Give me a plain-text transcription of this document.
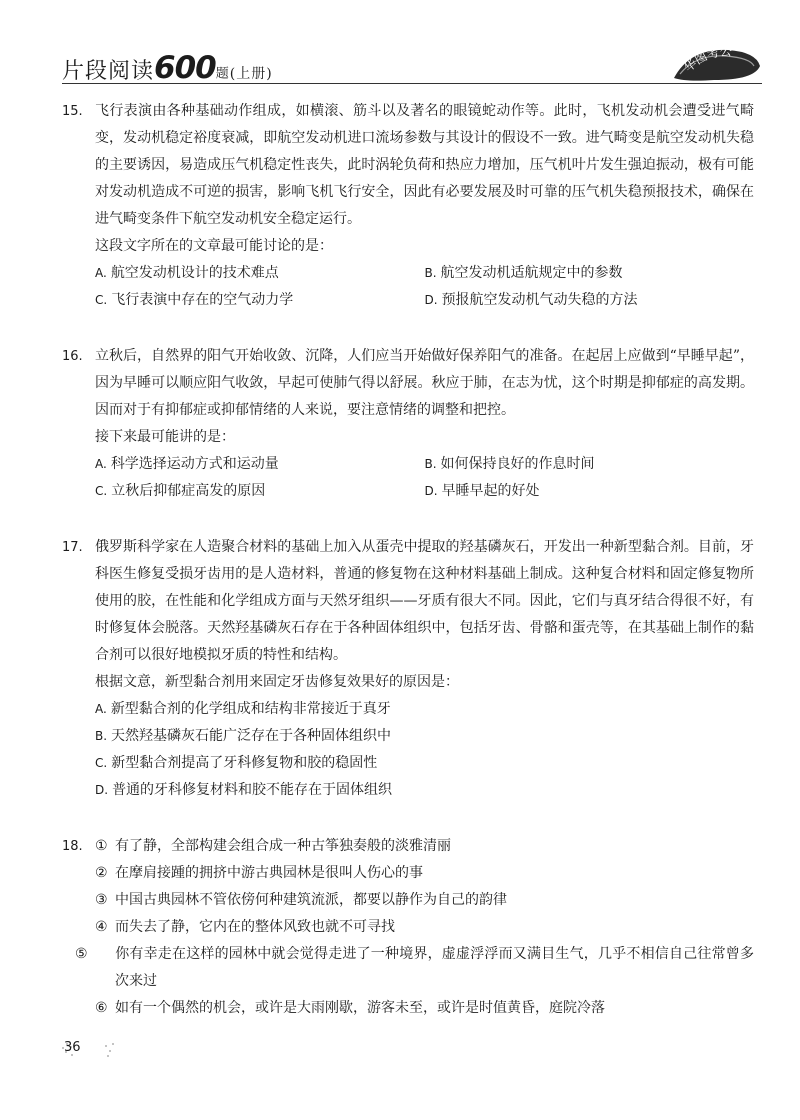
片段阅读600题(上册)	华图考公
15. 飞行表演由各种基础动作组成，如横滚、筋斗以及著名的眼镜蛇动作等。此时，飞机发动机会遭受进气畸变，发动机稳定裕度衰减，即航空发动机进口流场参数与其设计的假设不一致。进气畸变是航空发动机失稳的主要诱因，易造成压气机稳定性丧失，此时涡轮负荷和热应力增加，压气机叶片发生强迫振动，极有可能对发动机造成不可逆的损害，影响飞机飞行安全，因此有必要发展及时可靠的压气机失稳预报技术，确保在进气畸变条件下航空发动机安全稳定运行。

这段文字所在的文章最可能讨论的是：

A. 航空发动机设计的技术难点	B. 航空发动机适航规定中的参数
C. 飞行表演中存在的空气动力学	D. 预报航空发动机气动失稳的方法
16. 立秋后，自然界的阳气开始收敛、沉降，人们应当开始做好保养阳气的准备。在起居上应做到“早睡早起”，因为早睡可以顺应阳气收敛，早起可使肺气得以舒展。秋应于肺，在志为忧，这个时期是抑郁症的高发期。因而对于有抑郁症或抑郁情绪的人来说，要注意情绪的调整和把控。

接下来最可能讲的是：

A. 科学选择运动方式和运动量	B. 如何保持良好的作息时间
C. 立秋后抑郁症高发的原因	D. 早睡早起的好处
17. 俄罗斯科学家在人造聚合材料的基础上加入从蛋壳中提取的羟基磷灰石，开发出一种新型黏合剂。目前，牙科医生修复受损牙齿用的是人造材料，普通的修复物在这种材料基础上制成。这种复合材料和固定修复物所使用的胶，在性能和化学组成方面与天然牙组织——牙质有很大不同。因此，它们与真牙结合得很不好，有时修复体会脱落。天然羟基磷灰石存在于各种固体组织中，包括牙齿、骨骼和蛋壳等，在其基础上制作的黏合剂可以很好地模拟牙质的特性和结构。

根据文意，新型黏合剂用来固定牙齿修复效果好的原因是：

A. 新型黏合剂的化学组成和结构非常接近于真牙
B. 天然羟基磷灰石能广泛存在于各种固体组织中
C. 新型黏合剂提高了牙科修复物和胶的稳固性
D. 普通的牙科修复材料和胶不能存在于固体组织
18. ① 有了静，全部构建会组合成一种古筝独奏般的淡雅清丽
② 在摩肩接踵的拥挤中游古典园林是很叫人伤心的事
③ 中国古典园林不管依傍何种建筑流派，都要以静作为自己的韵律
④ 而失去了静，它内在的整体风致也就不可寻找
⑤ 你有幸走在这样的园林中就会觉得走进了一种境界，虚虚浮浮而又满目生气，几乎不相信自己往常曾多次来过
⑥ 如有一个偶然的机会，或许是大雨刚歇，游客未至，或许是时值黄昏，庭院冷落
36
